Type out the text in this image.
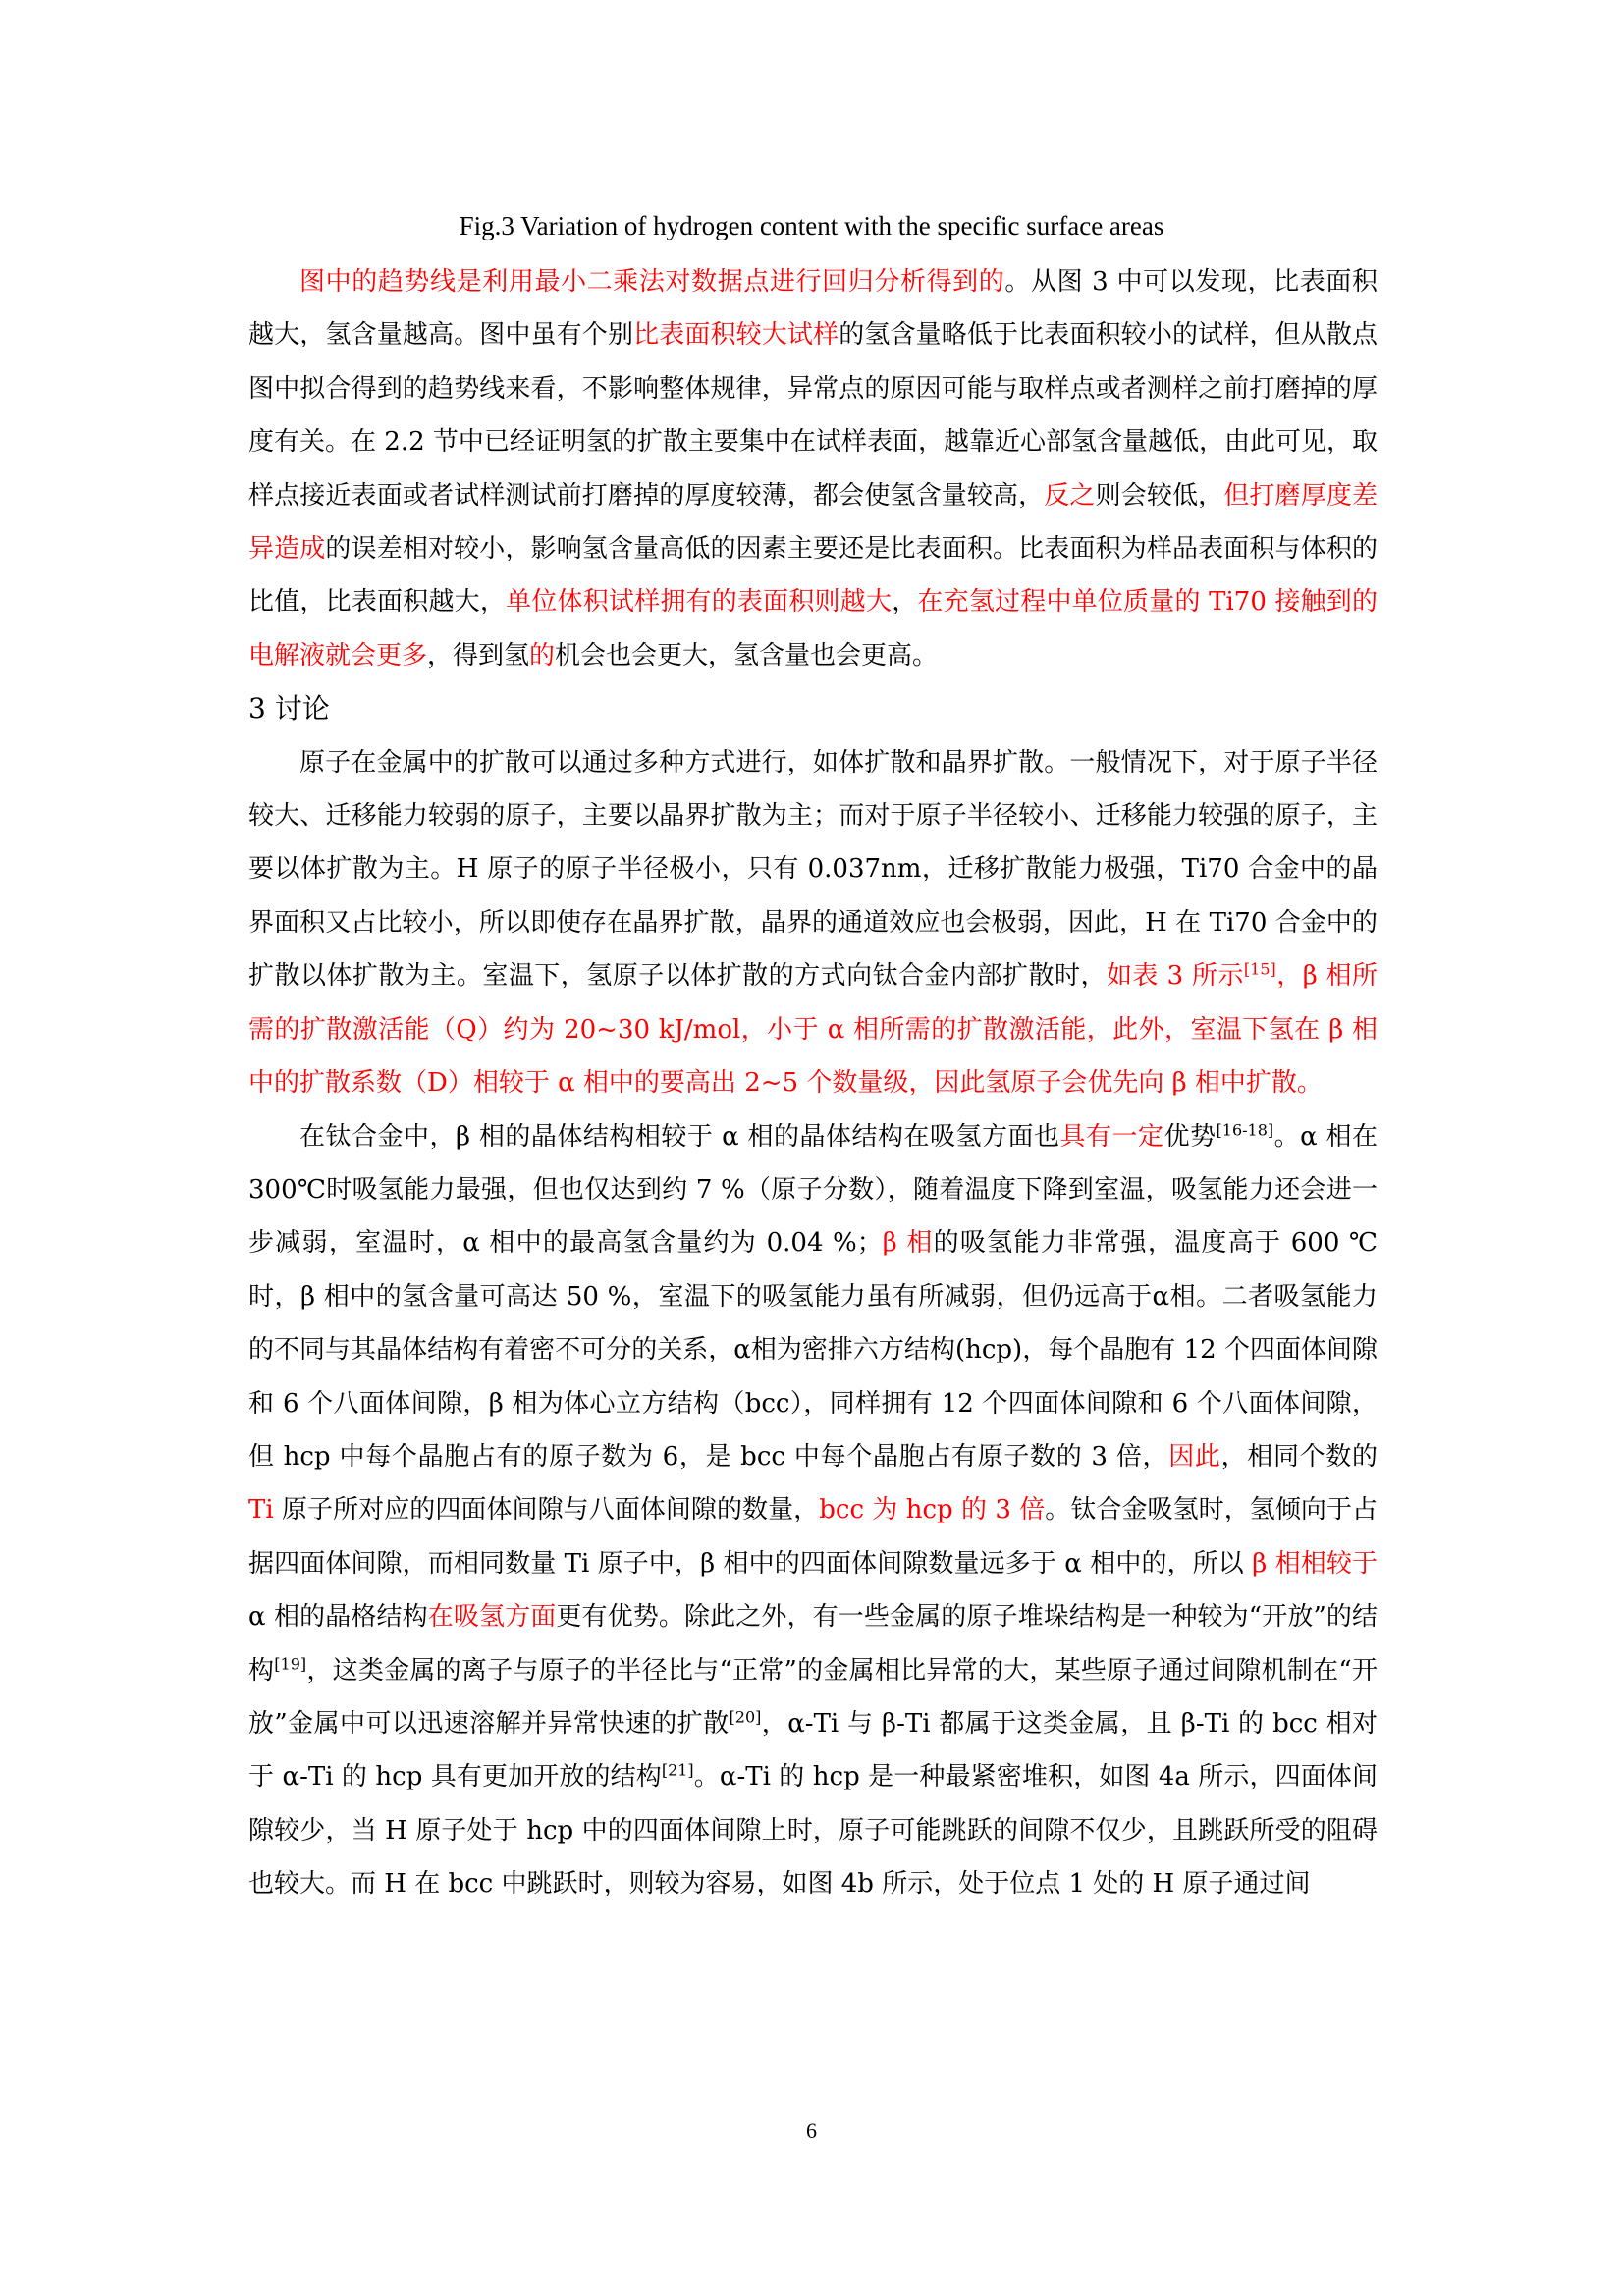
Fig.3 Variation of hydrogen content with the specific surface areas

图中的趋势线是利用最小二乘法对数据点进行回归分析得到的。从图 3 中可以发现，比表面积越大，氢含量越高。图中虽有个别比表面积较大试样的氢含量略低于比表面积较小的试样，但从散点图中拟合得到的趋势线来看，不影响整体规律，异常点的原因可能与取样点或者测样之前打磨掉的厚度有关。在 2.2 节中已经证明氢的扩散主要集中在试样表面，越靠近心部氢含量越低，由此可见，取样点接近表面或者试样测试前打磨掉的厚度较薄，都会使氢含量较高，反之则会较低，但打磨厚度差异造成的误差相对较小，影响氢含量高低的因素主要还是比表面积。比表面积为样品表面积与体积的比值，比表面积越大，单位体积试样拥有的表面积则越大，在充氢过程中单位质量的 Ti70 接触到的电解液就会更多，得到氢的机会也会更大，氢含量也会更高。

3 讨论

原子在金属中的扩散可以通过多种方式进行，如体扩散和晶界扩散。一般情况下，对于原子半径较大、迁移能力较弱的原子，主要以晶界扩散为主；而对于原子半径较小、迁移能力较强的原子，主要以体扩散为主。H 原子的原子半径极小，只有 0.037nm，迁移扩散能力极强，Ti70 合金中的晶界面积又占比较小，所以即使存在晶界扩散，晶界的通道效应也会极弱，因此，H 在 Ti70 合金中的扩散以体扩散为主。室温下，氢原子以体扩散的方式向钛合金内部扩散时，如表 3 所示[15]，β 相所需的扩散激活能（Q）约为 20~30 kJ/mol，小于 α 相所需的扩散激活能，此外，室温下氢在 β 相中的扩散系数（D）相较于 α 相中的要高出 2~5 个数量级，因此氢原子会优先向 β 相中扩散。

在钛合金中，β 相的晶体结构相较于 α 相的晶体结构在吸氢方面也具有一定优势[16-18]。α 相在 300℃时吸氢能力最强，但也仅达到约 7 %（原子分数），随着温度下降到室温，吸氢能力还会进一步减弱，室温时，α 相中的最高氢含量约为 0.04 %；β 相的吸氢能力非常强，温度高于 600 ℃时，β 相中的氢含量可高达 50 %，室温下的吸氢能力虽有所减弱，但仍远高于α相。二者吸氢能力的不同与其晶体结构有着密不可分的关系，α相为密排六方结构(hcp)，每个晶胞有 12 个四面体间隙和 6 个八面体间隙，β 相为体心立方结构（bcc），同样拥有 12 个四面体间隙和 6 个八面体间隙，但 hcp 中每个晶胞占有的原子数为 6，是 bcc 中每个晶胞占有原子数的 3 倍，因此，相同个数的 Ti 原子所对应的四面体间隙与八面体间隙的数量，bcc 为 hcp 的 3 倍。钛合金吸氢时，氢倾向于占据四面体间隙，而相同数量 Ti 原子中，β 相中的四面体间隙数量远多于 α 相中的，所以 β 相相较于 α 相的晶格结构在吸氢方面更有优势。除此之外，有一些金属的原子堆垛结构是一种较为“开放”的结构[19]，这类金属的离子与原子的半径比与“正常”的金属相比异常的大，某些原子通过间隙机制在“开放”金属中可以迅速溶解并异常快速的扩散[20]，α-Ti 与 β-Ti 都属于这类金属，且 β-Ti 的 bcc 相对于 α-Ti 的 hcp 具有更加开放的结构[21]。α-Ti 的 hcp 是一种最紧密堆积，如图 4a 所示，四面体间隙较少，当 H 原子处于 hcp 中的四面体间隙上时，原子可能跳跃的间隙不仅少，且跳跃所受的阻碍也较大。而 H 在 bcc 中跳跃时，则较为容易，如图 4b 所示，处于位点 1 处的 H 原子通过间

6
